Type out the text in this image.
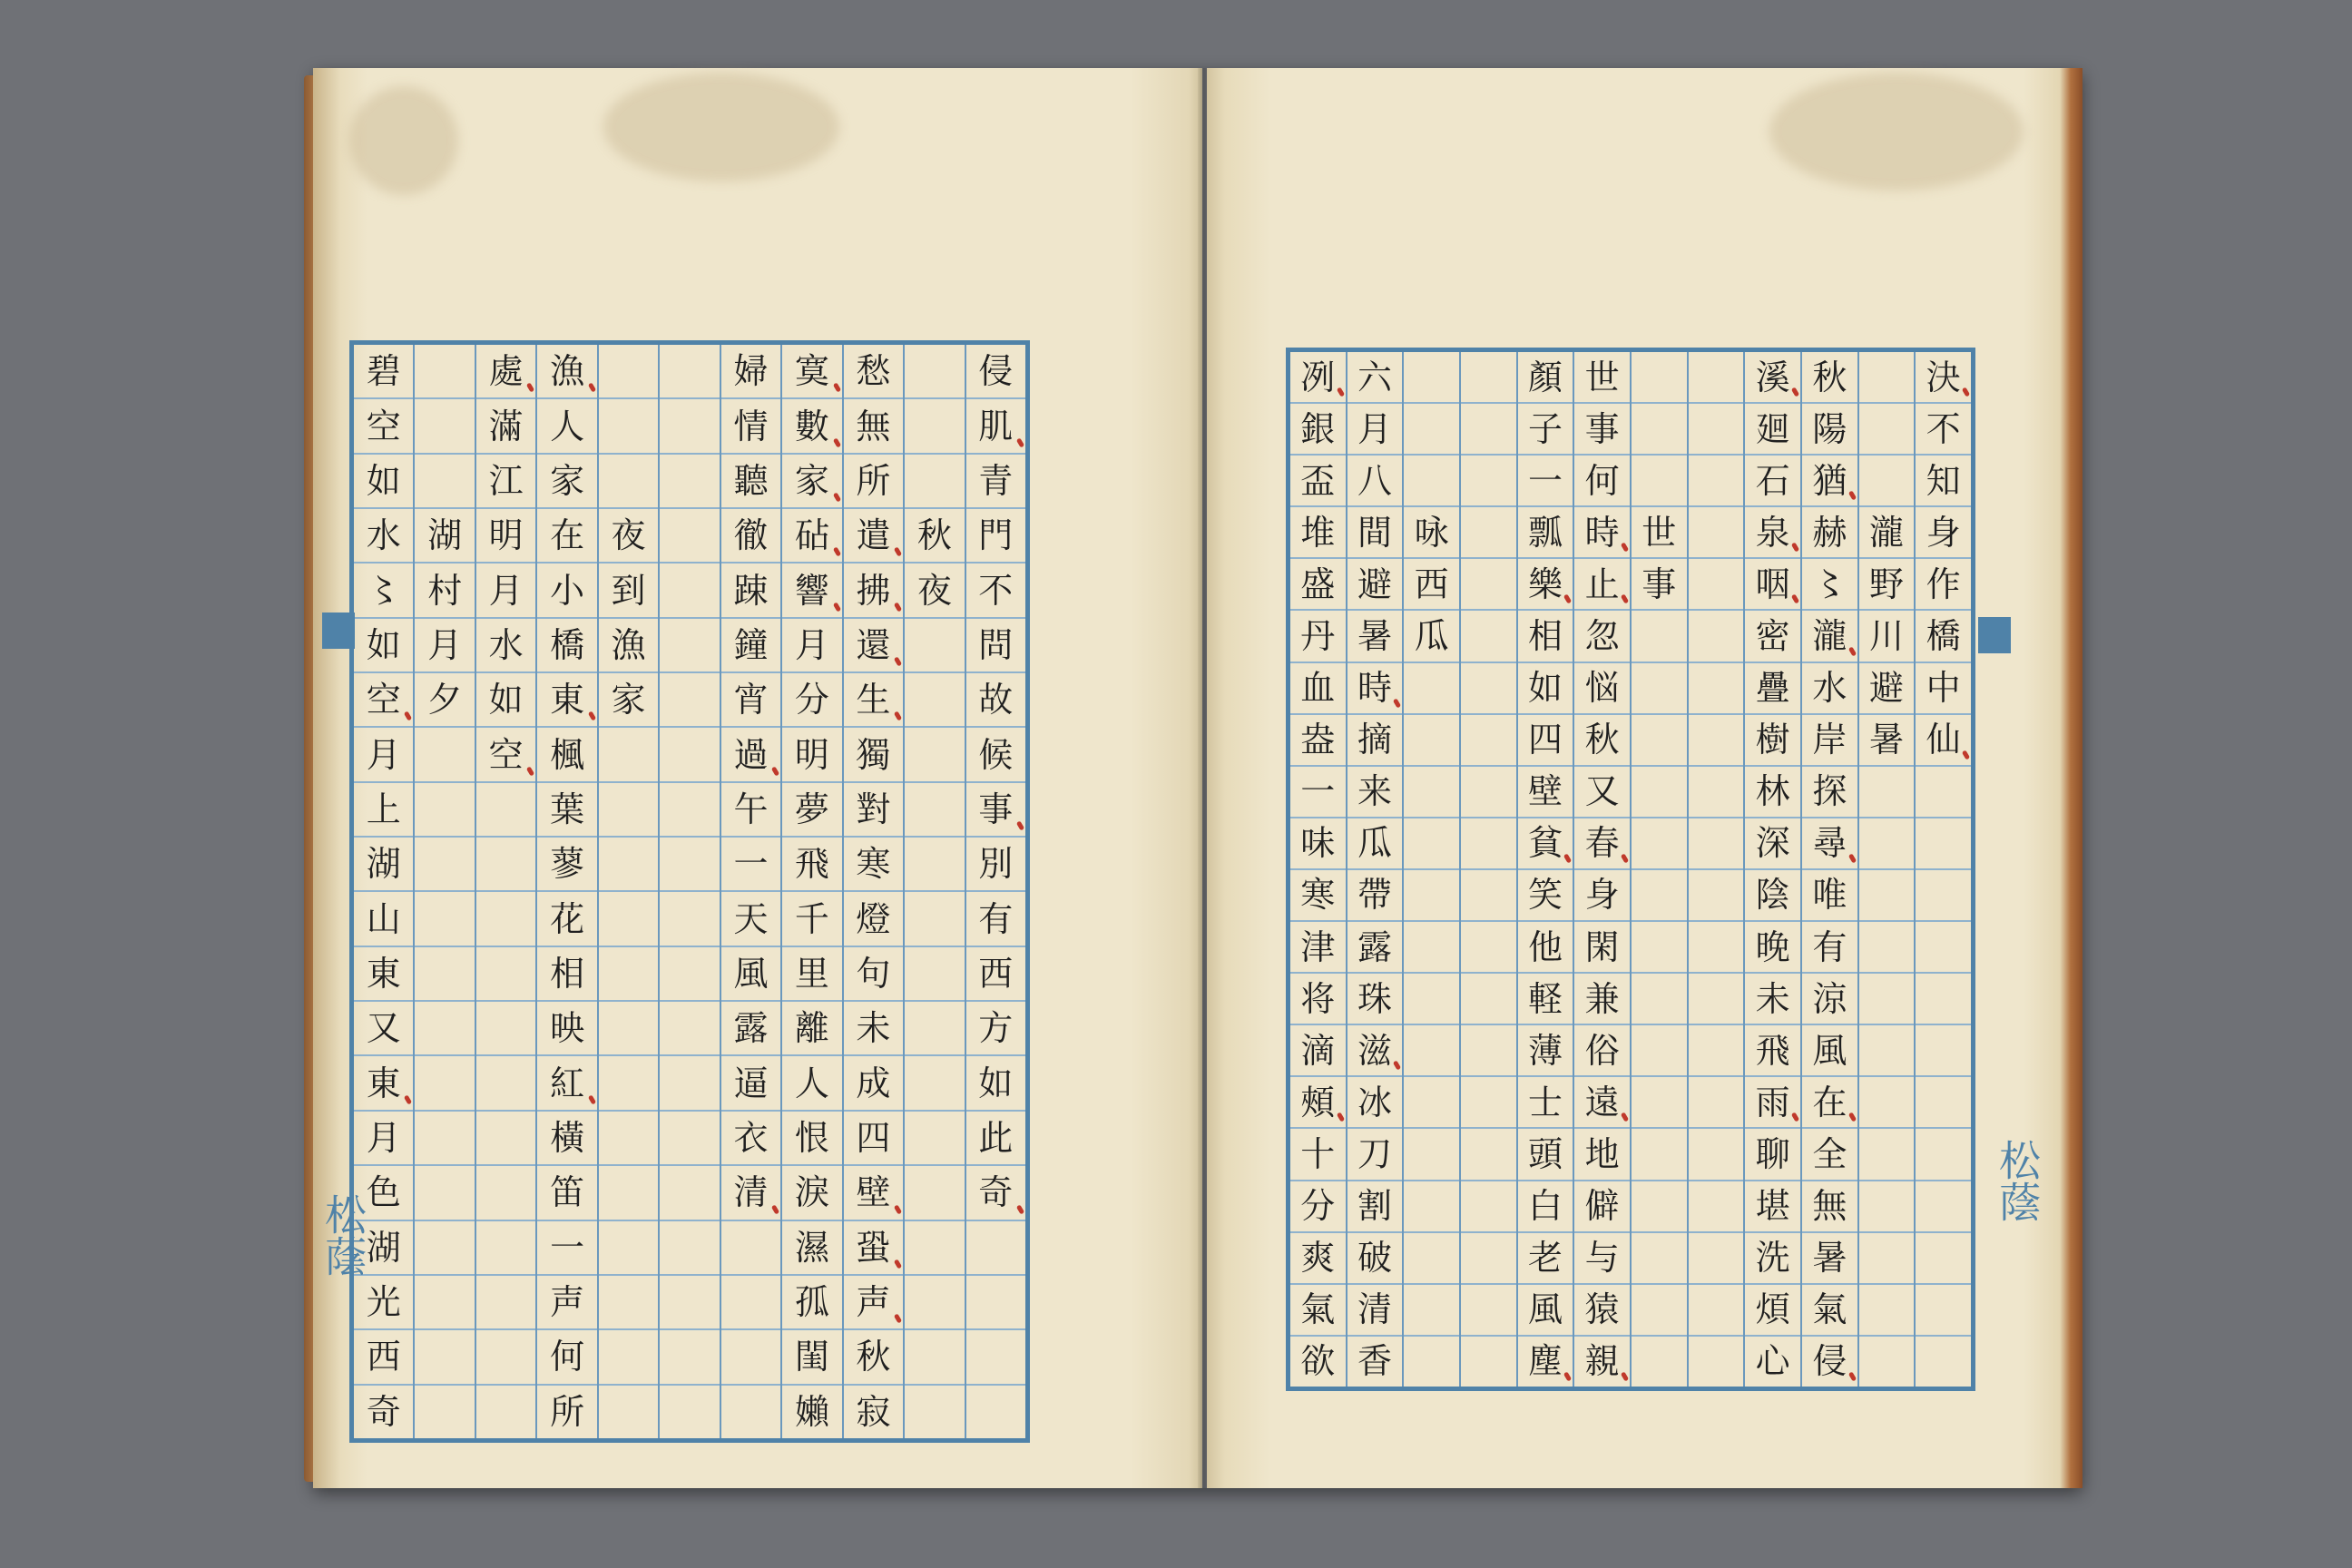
侵
肌
青
門
不
問
故
候
事
別
有
西
方
如
此
奇
秋
夜
愁
無
所
遣
拂
還
生
獨
對
寒
燈
句
未
成
四
壁
蛩
声
秋
寂
寞
數
家
砧
響
月
分
明
夢
飛
千
里
離
人
恨
淚
濕
孤
閨
嬾
婦
情
聽
徹
踈
鐘
宵
過
午
一
天
風
露
逼
衣
清
夜
到
漁
家
漁
人
家
在
小
橋
東
楓
葉
蓼
花
相
映
紅
橫
笛
一
声
何
所
處
滿
江
明
月
水
如
空
湖
村
月
夕
碧
空
如
水
〻
如
空
月
上
湖
山
東
又
東
月
色
湖
光
西
奇
松蔭
決
不
知
身
作
橋
中
仙
瀧
野
川
避
暑
秋
陽
猶
赫
〻
瀧
水
岸
探
尋
唯
有
涼
風
在
全
無
暑
氣
侵
溪
廻
石
泉
咽
密
疊
樹
林
深
陰
晚
未
飛
雨
聊
堪
洗
煩
心
世
事
世
事
何
時
止
忽
悩
秋
又
春
身
閑
兼
俗
遠
地
僻
与
猿
親
顏
子
一
瓢
樂
相
如
四
壁
貧
笑
他
軽
薄
士
頭
白
老
風
塵
咏
西
瓜
六
月
八
間
避
暑
時
摘
来
瓜
帶
露
珠
滋
冰
刀
割
破
清
香
冽
銀
盃
堆
盛
丹
血
盎
一
味
寒
津
将
滴
頰
十
分
爽
氣
欲
松蔭
